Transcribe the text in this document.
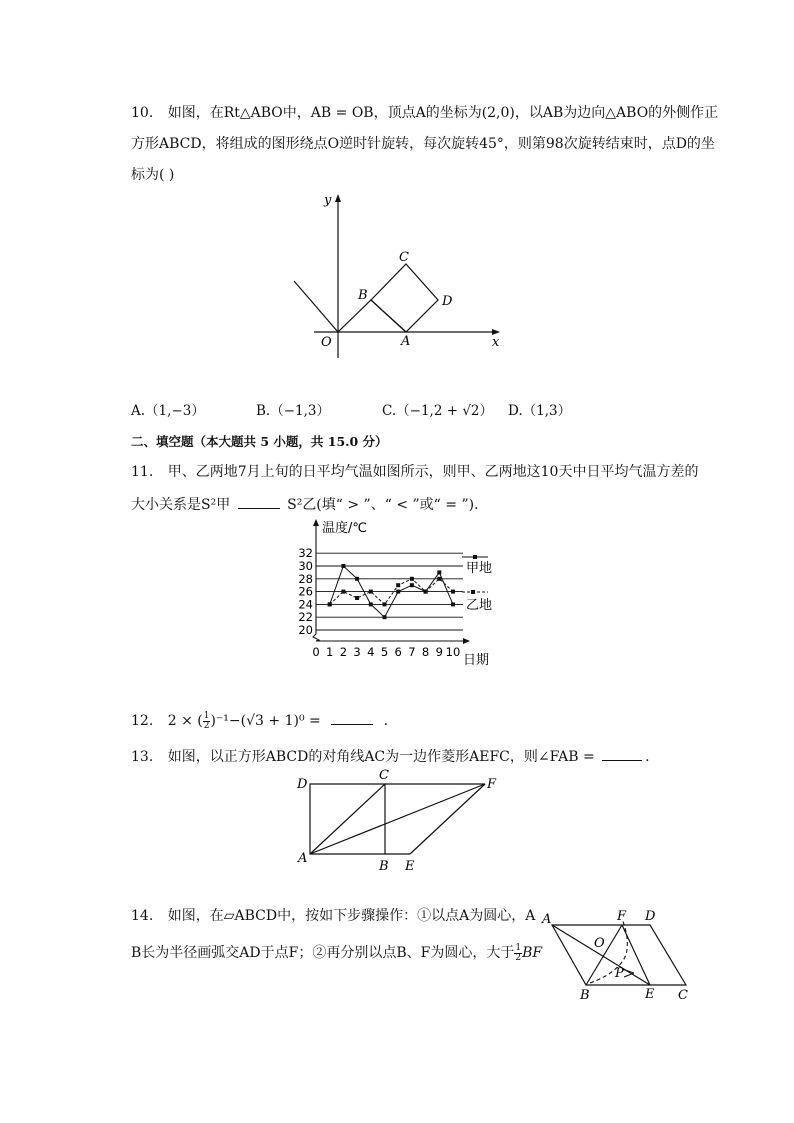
10. 如图，在Rt△ABO中，AB = OB，顶点A的坐标为(2,0)，以AB为边向△ABO的外侧作正
方形ABCD，将组成的图形绕点O逆时针旋转，每次旋转45°，则第98次旋转结束时，点D的坐
标为( )
y
x
O	A
B
C
D
A.（1,−3）	B.（−1,3）	C.（−1,2 + √2） D.（1,3）
二、填空题（本大题共 5 小题，共 15.0 分）
11. 甲、乙两地7月上旬的日平均气温如图所示，则甲、乙两地这10天中日平均气温方差的
大小关系是S²甲	S²乙(填“ > ”、“ < ”或“ = ”)．
温度/℃
日期
甲地
乙地
32
30
28
26
24
22
20
0 1 2 3 4 5 6 7 8 9 10
12. 2 × ( $\frac{1}{2} )^{-1}-(√3 + 1)^0$ =	.
13. 如图，以正方形ABCD的对角线AC为一边作菱形AEFC，则∠FAB =	.
A
B
C
D
E
F
14. 如图，在▱ABCD中，按如下步骤操作：①以点A为圆心，A
B长为半径画弧交AD于点F；②再分别以点B、F为圆心，大于 $\frac{1}{2}$ BF
A	F D
O
P
B	E C
